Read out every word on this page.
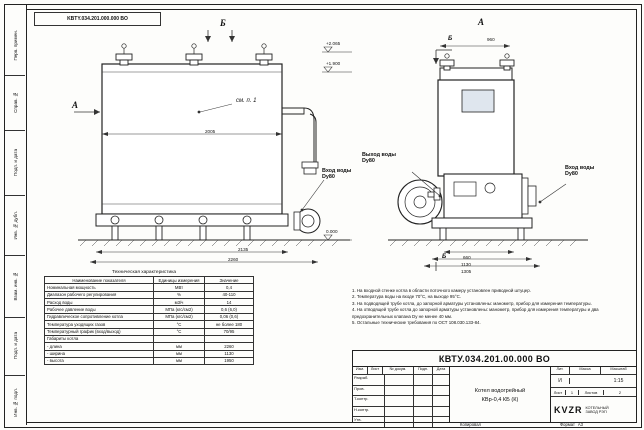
Перв. примен.
Справ. №
Подп. и дата
Инв. № дубл.
Взам. инв. №
Подп. и дата
Инв. № подл.
KBTY.034.201.000.000 BO	Б
A	см. п. 1
2005
2135
2260
+2.065
+1.900
0.000
Вход воды
Dy80
A
960
Б
Б
660
1130
1305
Выход воды
Dy80
Вход воды
Dy80
Техническая характеристика
Наименование показателя	Единицы измерения	Значение
Номинальная мощность	МВт	0,4
Диапазон рабочего регулирования	%	40-110
Расход воды	м3/ч	14
Рабочее давление воды	МПа (кгс/см2)	0,6 (6,0)
Гидравлическое сопротивление котла	МПа (кгс/см2)	0,06 (0,6)
Температура уходящих газов	°С	не более 180
Температурный график (вход/выход)	°С	70/95
Габариты котла		
- длина	мм	2260
- ширина	мм	1130
- высота	мм	1950
1. На входной стенке котла в области поточного камеру установлен приводной штуцер.
2. Температура воды на входе 70°С, на выходе 95°С.
3. На подводящей трубе котла, до запорной арматуры установлены: манометр, прибор для измерения температуры.
4. На отводящей трубе котла до запорной арматуры установлены: манометр, прибор для измерения температуры и два предохранительных клапана Dy не менее 40 мм.
5. Остальные технические требования по ОСТ 108.030.133-84.
КВТУ.034.201.00.000 ВО
Изм.	Лист	№ докум.	Подп.	Дата
Разраб.
Пров.
Т.контр.
Н.контр.
Утв.
Котел водогрейный
КВр-0,4 КБ (К)
Лит.	Масса	Масштаб
И	1:15
Лист	1	Листов	2
KVZR КОТЕЛЬНЫЙ
ЗАВОД РЭП
Формат A3
Копировал
